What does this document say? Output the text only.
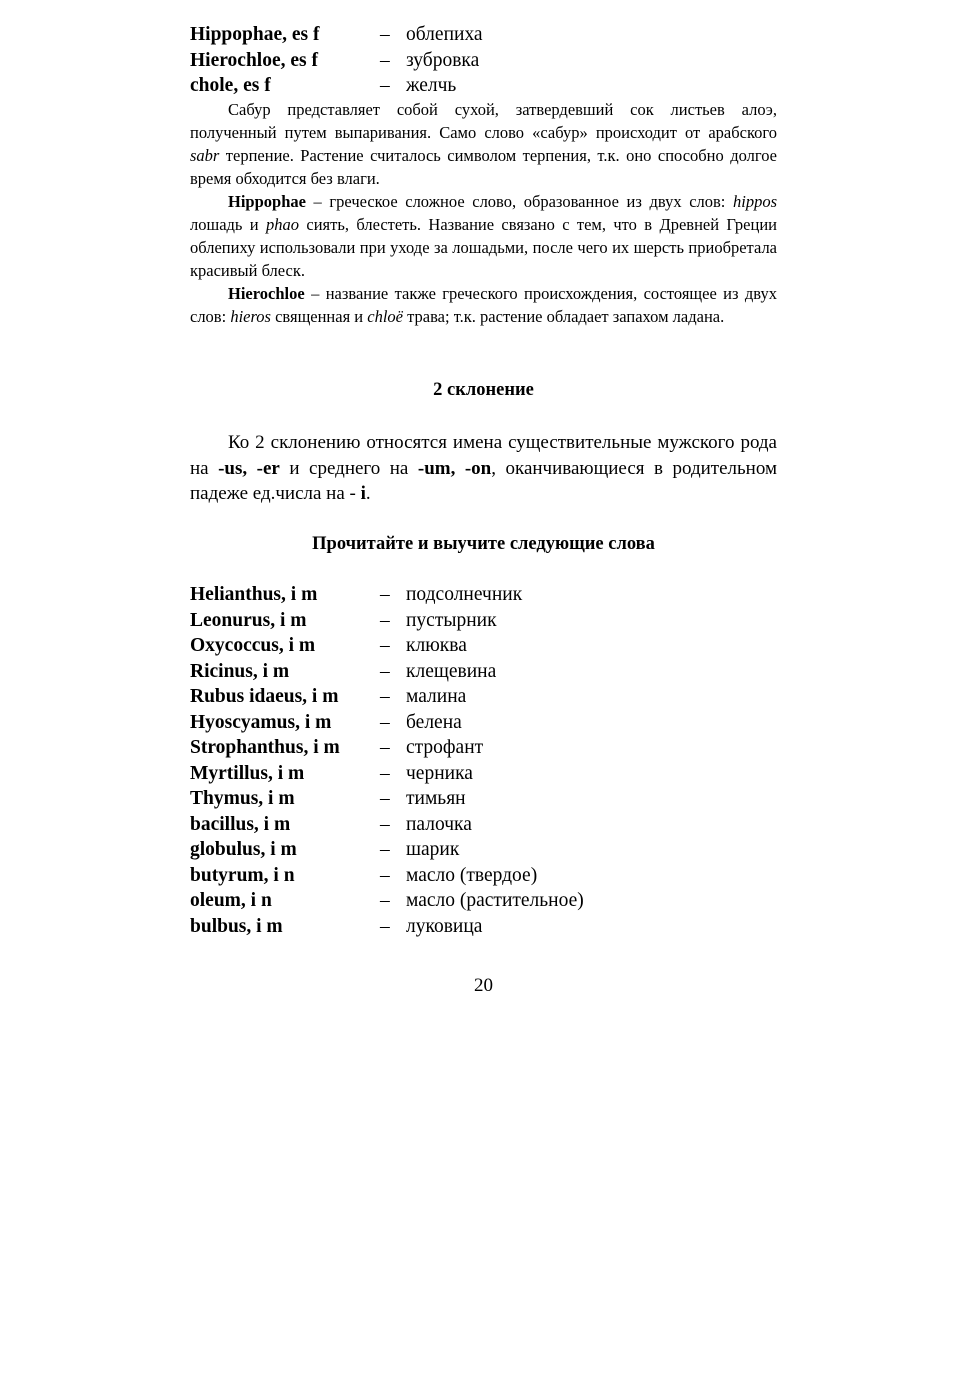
Hippophae, es f	– облепиха
Hierochloe, es f	– зубровка
chole, es f	– желчь

Сабур представляет собой сухой, затвердевший сок листьев алоэ, полученный путем выпаривания. Само слово «сабур» происходит от арабского sabr терпение. Растение считалось символом терпения, т.к. оно способно долгое время обходится без влаги.

Hippophae – греческое сложное слово, образованное из двух слов: hippos лошадь и phao сиять, блестеть. Название связано с тем, что в Древней Греции облепиху использовали при уходе за лошадьми, после чего их шерсть приобретала красивый блеск.

Hierochloe – название также греческого происхождения, состоящее из двух слов: hieros священная и chloë трава; т.к. растение обладает запахом ладана.

2 склонение

Ко 2 склонению относятся имена существительные мужского рода на -us, -er и среднего на -um, -on, оканчивающиеся в родительном падеже ед.числа на - i.

Прочитайте и выучите следующие слова
Helianthus, i m	– подсолнечник
Leonurus, i m	– пустырник
Oxycoccus, i m	– клюква
Ricinus, i m	– клещевина
Rubus idaeus, i m	– малина
Hyoscyamus, i m	– белена
Strophanthus, i m	– строфант
Myrtillus, i m	– черника
Thymus, i m	– тимьян
bacillus, i m	– палочка
globulus, i m	– шарик
butyrum, i n	– масло (твердое)
oleum, i n	– масло (растительное)
bulbus, i m	– луковица
20
